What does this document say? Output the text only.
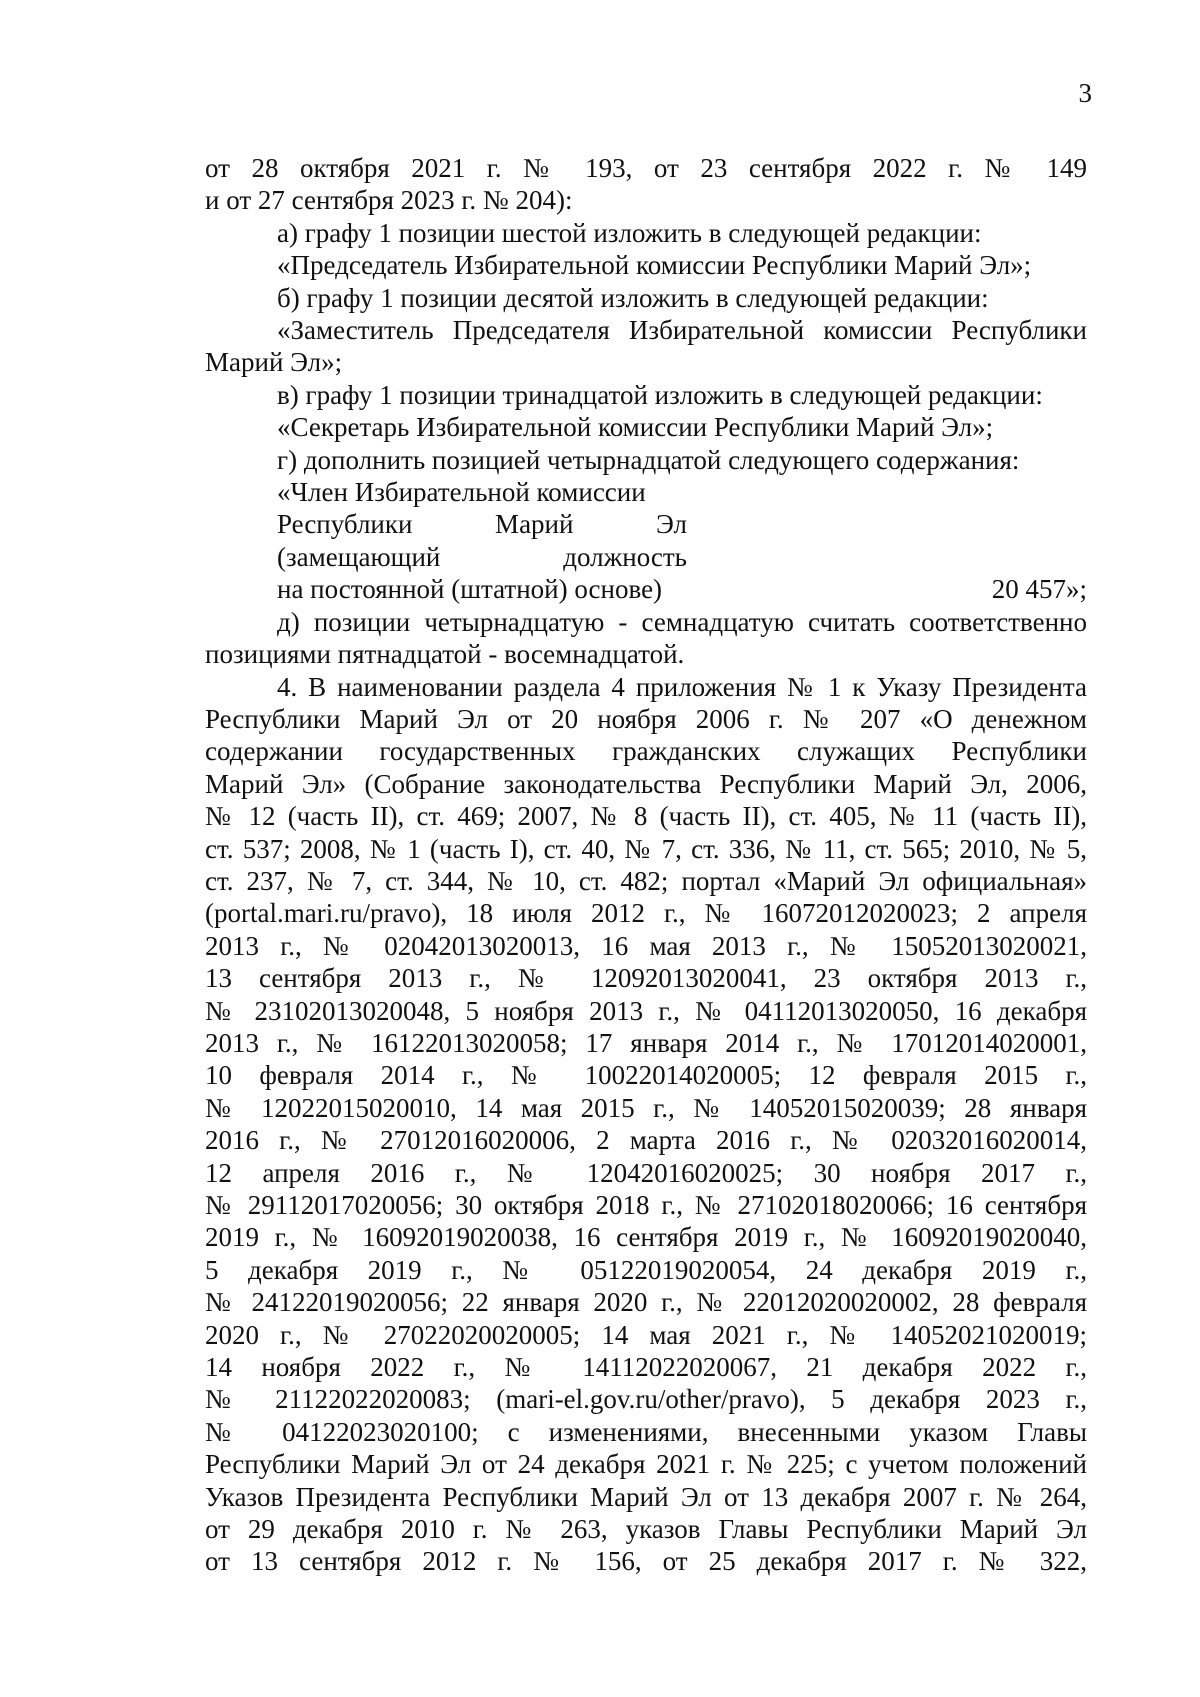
3
от 28 октября 2021 г. № 193, от 23 сентября 2022 г. № 149
и от 27 сентября 2023 г. № 204):
а) графу 1 позиции шестой изложить в следующей редакции:
«Председатель Избирательной комиссии Республики Марий Эл»;
б) графу 1 позиции десятой изложить в следующей редакции:
«Заместитель Председателя Избирательной комиссии Республики
Марий Эл»;
в) графу 1 позиции тринадцатой изложить в следующей редакции:
«Секретарь Избирательной комиссии Республики Марий Эл»;
г) дополнить позицией четырнадцатой следующего содержания:
«Член Избирательной комиссии
Республики Марий Эл
(замещающий должность
на постоянной (штатной) основе)	20 457»;
д) позиции четырнадцатую - семнадцатую считать соответственно
позициями пятнадцатой - восемнадцатой.
4. В наименовании раздела 4 приложения № 1 к Указу Президента
Республики Марий Эл от 20 ноября 2006 г. № 207 «О денежном
содержании государственных гражданских служащих Республики
Марий Эл» (Собрание законодательства Республики Марий Эл, 2006,
№ 12 (часть II), ст. 469; 2007, № 8 (часть II), ст. 405, № 11 (часть II),
ст. 537; 2008, № 1 (часть I), ст. 40, № 7, ст. 336, № 11, ст. 565; 2010, № 5,
ст. 237, № 7, ст. 344, № 10, ст. 482; портал «Марий Эл официальная»
(portal.mari.ru/pravo), 18 июля 2012 г., № 16072012020023; 2 апреля
2013 г., № 02042013020013, 16 мая 2013 г., № 15052013020021,
13 сентября 2013 г., № 12092013020041, 23 октября 2013 г.,
№ 23102013020048, 5 ноября 2013 г., № 04112013020050, 16 декабря
2013 г., № 16122013020058; 17 января 2014 г., № 17012014020001,
10 февраля 2014 г., № 10022014020005; 12 февраля 2015 г.,
№ 12022015020010, 14 мая 2015 г., № 14052015020039; 28 января
2016 г., № 27012016020006, 2 марта 2016 г., № 02032016020014,
12 апреля 2016 г., № 12042016020025; 30 ноября 2017 г.,
№ 29112017020056; 30 октября 2018 г., № 27102018020066; 16 сентября
2019 г., № 16092019020038, 16 сентября 2019 г., № 16092019020040,
5 декабря 2019 г., № 05122019020054, 24 декабря 2019 г.,
№ 24122019020056; 22 января 2020 г., № 22012020020002, 28 февраля
2020 г., № 27022020020005; 14 мая 2021 г., № 14052021020019;
14 ноября 2022 г., № 14112022020067, 21 декабря 2022 г.,
№ 21122022020083; (mari-el.gov.ru/other/pravo), 5 декабря 2023 г.,
№ 04122023020100; с изменениями, внесенными указом Главы
Республики Марий Эл от 24 декабря 2021 г. № 225; с учетом положений
Указов Президента Республики Марий Эл от 13 декабря 2007 г. № 264,
от 29 декабря 2010 г. № 263, указов Главы Республики Марий Эл
от 13 сентября 2012 г. № 156, от 25 декабря 2017 г. № 322,
